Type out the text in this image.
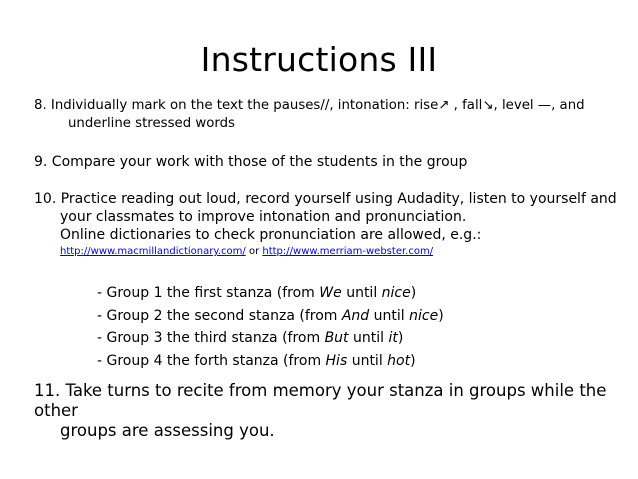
Instructions III
8. Individually mark on the text the pauses//, intonation: rise↗ , fall↘, level —, and
underline stressed words
9. Compare your work with those of the students in the group
10. Practice reading out loud, record yourself using Audadity, listen to yourself and
your classmates to improve intonation and pronunciation.
Online dictionaries to check pronunciation are allowed, e.g.:
http://www.macmillandictionary.com/ or http://www.merriam-webster.com/
- Group 1 the first stanza (from We until nice)
- Group 2 the second stanza (from And until nice)
- Group 3 the third stanza (from But until it)
- Group 4 the forth stanza (from His until hot)
11. Take turns to recite from memory your stanza in groups while the other
groups are assessing you.
